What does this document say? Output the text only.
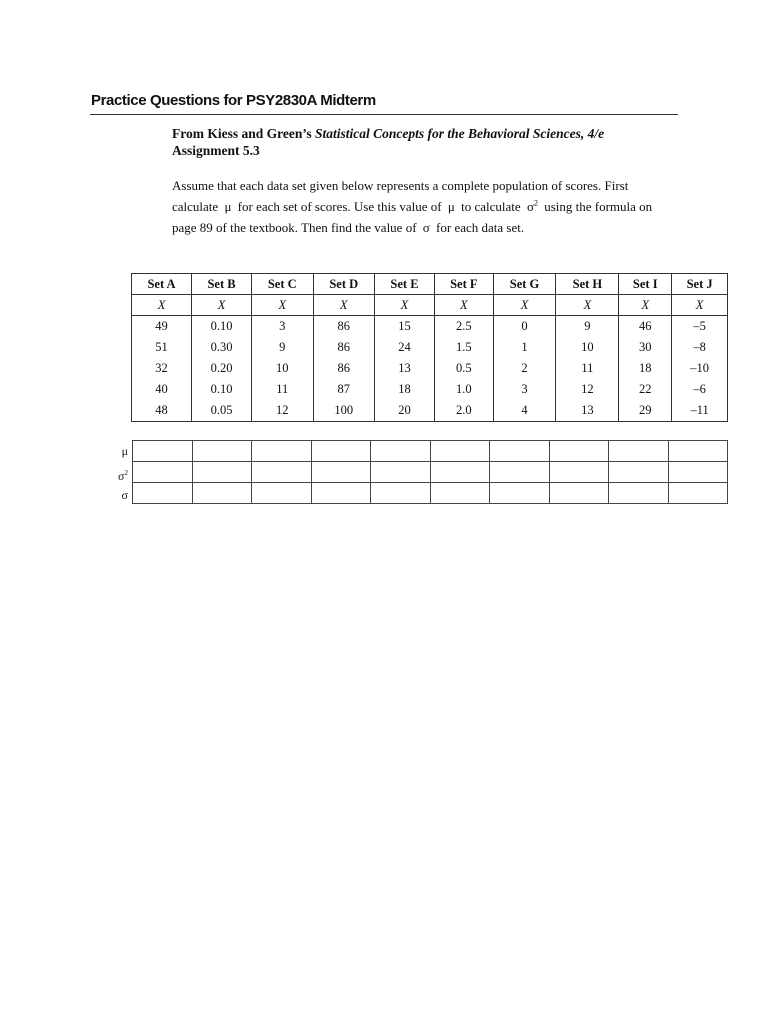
Practice Questions for PSY2830A Midterm
From Kiess and Green’s Statistical Concepts for the Behavioral Sciences, 4/e
Assignment 5.3
Assume that each data set given below represents a complete population of scores. First calculate μ for each set of scores. Use this value of μ to calculate $\sigma^2$ using the formula on page 89 of the textbook. Then find the value of σ for each data set.
Set A	Set B	Set C	Set D	Set E	Set F	Set G	Set H	Set I	Set J
X	X	X	X	X	X	X	X	X	X
49	0.10	3	86	15	2.5	0	9	46	–5
51	0.30	9	86	24	1.5	1	10	30	–8
32	0.20	10	86	13	0.5	2	11	18	–10
40	0.10	11	87	18	1.0	3	12	22	–6
48	0.05	12	100	20	2.0	4	13	29	–11
μ
$\sigma^2$
σ
